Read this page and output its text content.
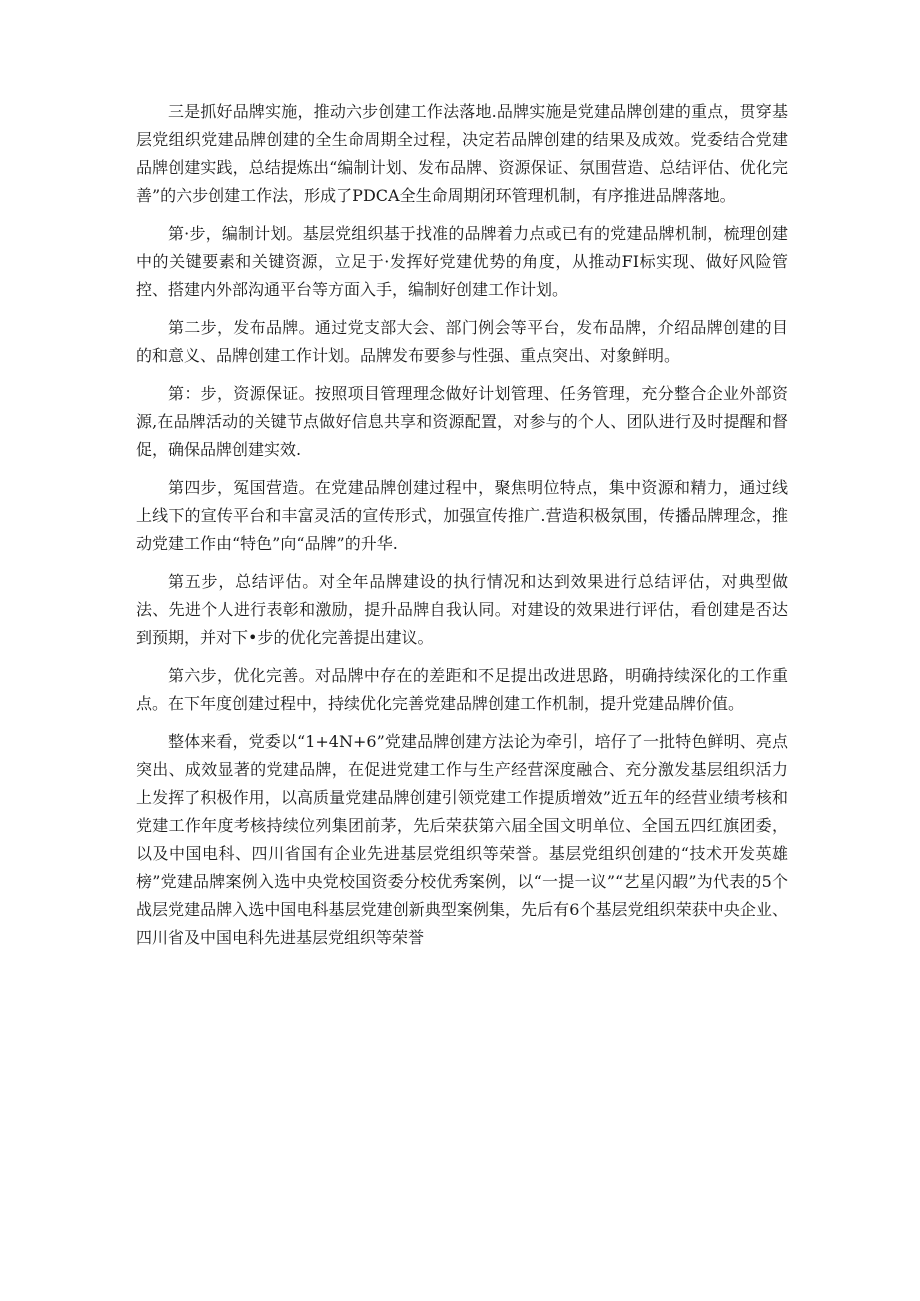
三是抓好品牌实施，推动六步创建工作法落地.品牌实施是党建品牌创建的重点，贯穿基层党组织党建品牌创建的全生命周期全过程，决定若品牌创建的结果及成效。党委结合党建品牌创建实践，总结提炼出“编制计划、发布品牌、资源保证、氛围营造、总结评估、优化完善”的六步创建工作法，形成了PDCA全生命周期闭环管理机制，有序推进品牌落地。

第·步，编制计划。基层党组织基于找准的品牌着力点或已有的党建品牌机制，梳理创建中的关键要素和关键资源，立足于·发挥好党建优势的角度，从推动FI标实现、做好风险管控、搭建内外部沟通平台等方面入手，编制好创建工作计划。

第二步，发布品牌。通过党支部大会、部门例会等平台，发布品牌，介绍品牌创建的目的和意义、品牌创建工作计划。品牌发布要参与性强、重点突出、对象鲜明。

第：步，资源保证。按照项目管理理念做好计划管理、任务管理，充分整合企业外部资源,在品牌活动的关键节点做好信息共享和资源配置，对参与的个人、团队进行及时提醒和督促，确保品牌创建实效.

第四步，冤国营造。在党建品牌创建过程中，聚焦明位特点，集中资源和精力，通过线上线下的宣传平台和丰富灵活的宣传形式，加强宣传推广.营造积极氛围，传播品牌理念，推动党建工作由“特色”向“品牌”的升华.

第五步，总结评估。对全年品牌建设的执行情况和达到效果进行总结评估，对典型做法、先进个人进行表彰和激励，提升品牌自我认同。对建设的效果进行评估，看创建是否达到预期，并对下•步的优化完善提出建议。

第六步，优化完善。对品牌中存在的差距和不足提出改进思路，明确持续深化的工作重点。在下年度创建过程中，持续优化完善党建品牌创建工作机制，提升党建品牌价值。

整体来看，党委以“1+4N+6”党建品牌创建方法论为牵引，培仔了一批特色鲜明、亮点突出、成效显著的党建品牌，在促进党建工作与生产经营深度融合、充分激发基层组织活力上发挥了积极作用，以高质量党建品牌创建引领党建工作提质增效”近五年的经营业绩考核和党建工作年度考核持续位列集团前茅，先后荣获第六届全国文明单位、全国五四红旗团委，以及中国电科、四川省国有企业先进基层党组织等荣誉。基层党组织创建的“技术开发英雄榜”党建品牌案例入选中央党校国资委分校优秀案例，以“一提一议”“艺星闪嘏”为代表的5个战层党建品牌入选中国电科基层党建创新典型案例集，先后有6个基层党组织荣获中央企业、四川省及中国电科先进基层党组织等荣誉
